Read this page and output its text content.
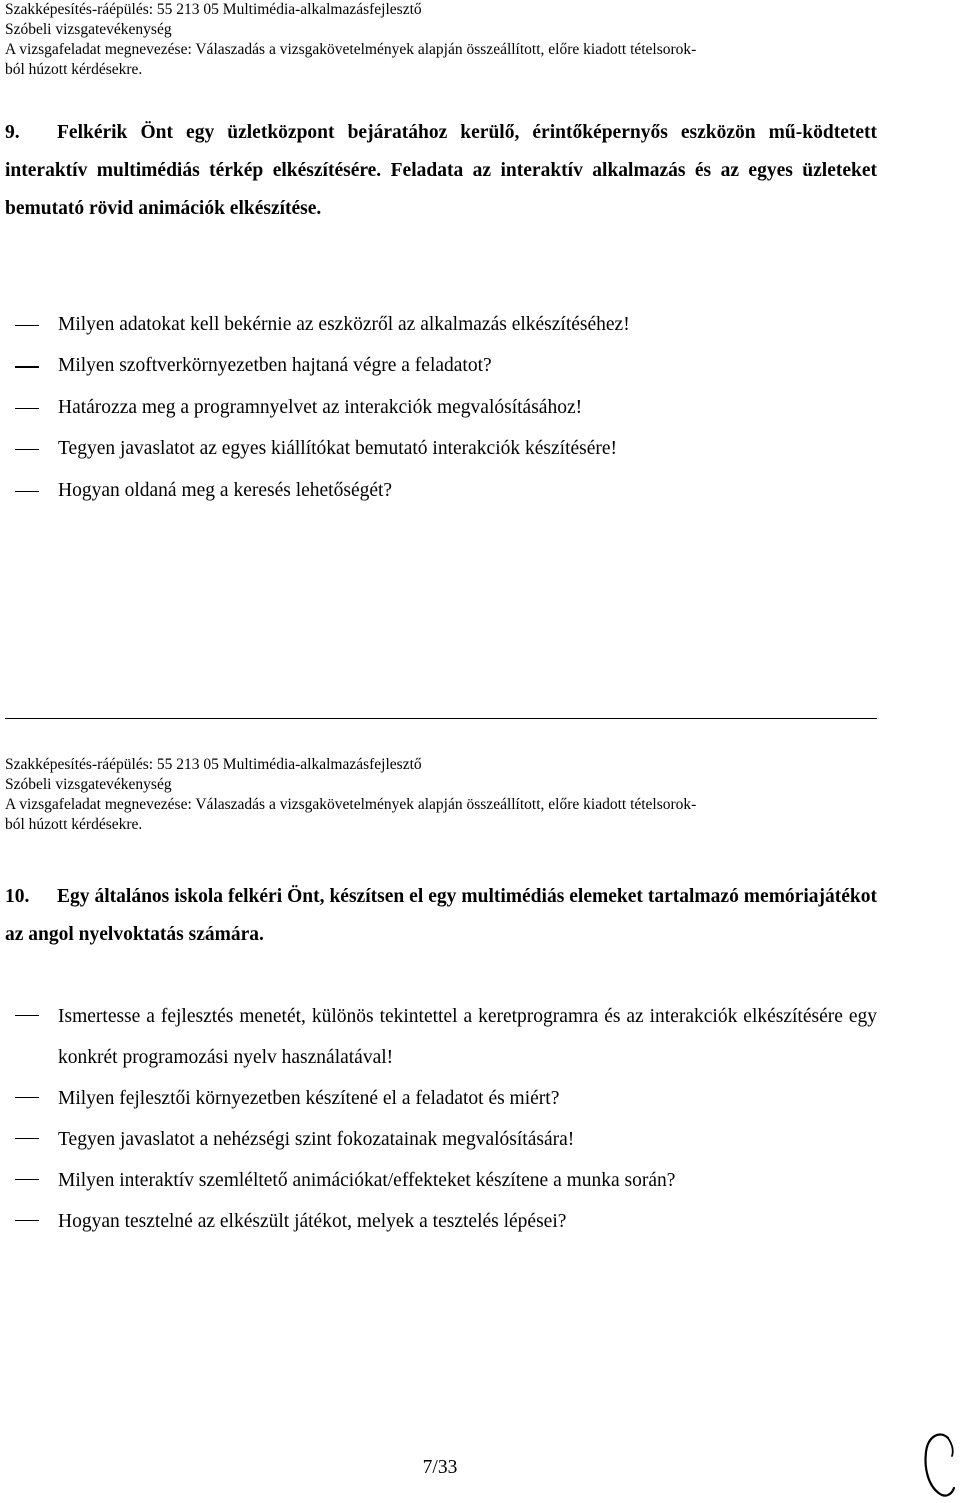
Szakképesítés-ráépülés: 55 213 05 Multimédia-alkalmazásfejlesztő
Szóbeli vizsgatevékenység
A vizsgafeladat megnevezése: Válaszadás a vizsgakövetelmények alapján összeállított, előre kiadott tételsorok-
ból húzott kérdésekre.
9. Felkérik Önt egy üzletközpont bejáratához kerülő, érintőképernyős eszközön mű-ködtetett interaktív multimédiás térkép elkészítésére. Feladata az interaktív alkalmazás és az egyes üzleteket bemutató rövid animációk elkészítése.
Milyen adatokat kell bekérnie az eszközről az alkalmazás elkészítéséhez!
Milyen szoftverkörnyezetben hajtaná végre a feladatot?
Határozza meg a programnyelvet az interakciók megvalósításához!
Tegyen javaslatot az egyes kiállítókat bemutató interakciók készítésére!
Hogyan oldaná meg a keresés lehetőségét?
Szakképesítés-ráépülés: 55 213 05 Multimédia-alkalmazásfejlesztő
Szóbeli vizsgatevékenység
A vizsgafeladat megnevezése: Válaszadás a vizsgakövetelmények alapján összeállított, előre kiadott tételsorok-
ból húzott kérdésekre.
10. Egy általános iskola felkéri Önt, készítsen el egy multimédiás elemeket tartalmazó memóriajátékot az angol nyelvoktatás számára.
Ismertesse a fejlesztés menetét, különös tekintettel a keretprogramra és az interakciók elkészítésére egy konkrét programozási nyelv használatával!
Milyen fejlesztői környezetben készítené el a feladatot és miért?
Tegyen javaslatot a nehézségi szint fokozatainak megvalósítására!
Milyen interaktív szemléltető animációkat/effekteket készítene a munka során?
Hogyan tesztelné az elkészült játékot, melyek a tesztelés lépései?
7/33
